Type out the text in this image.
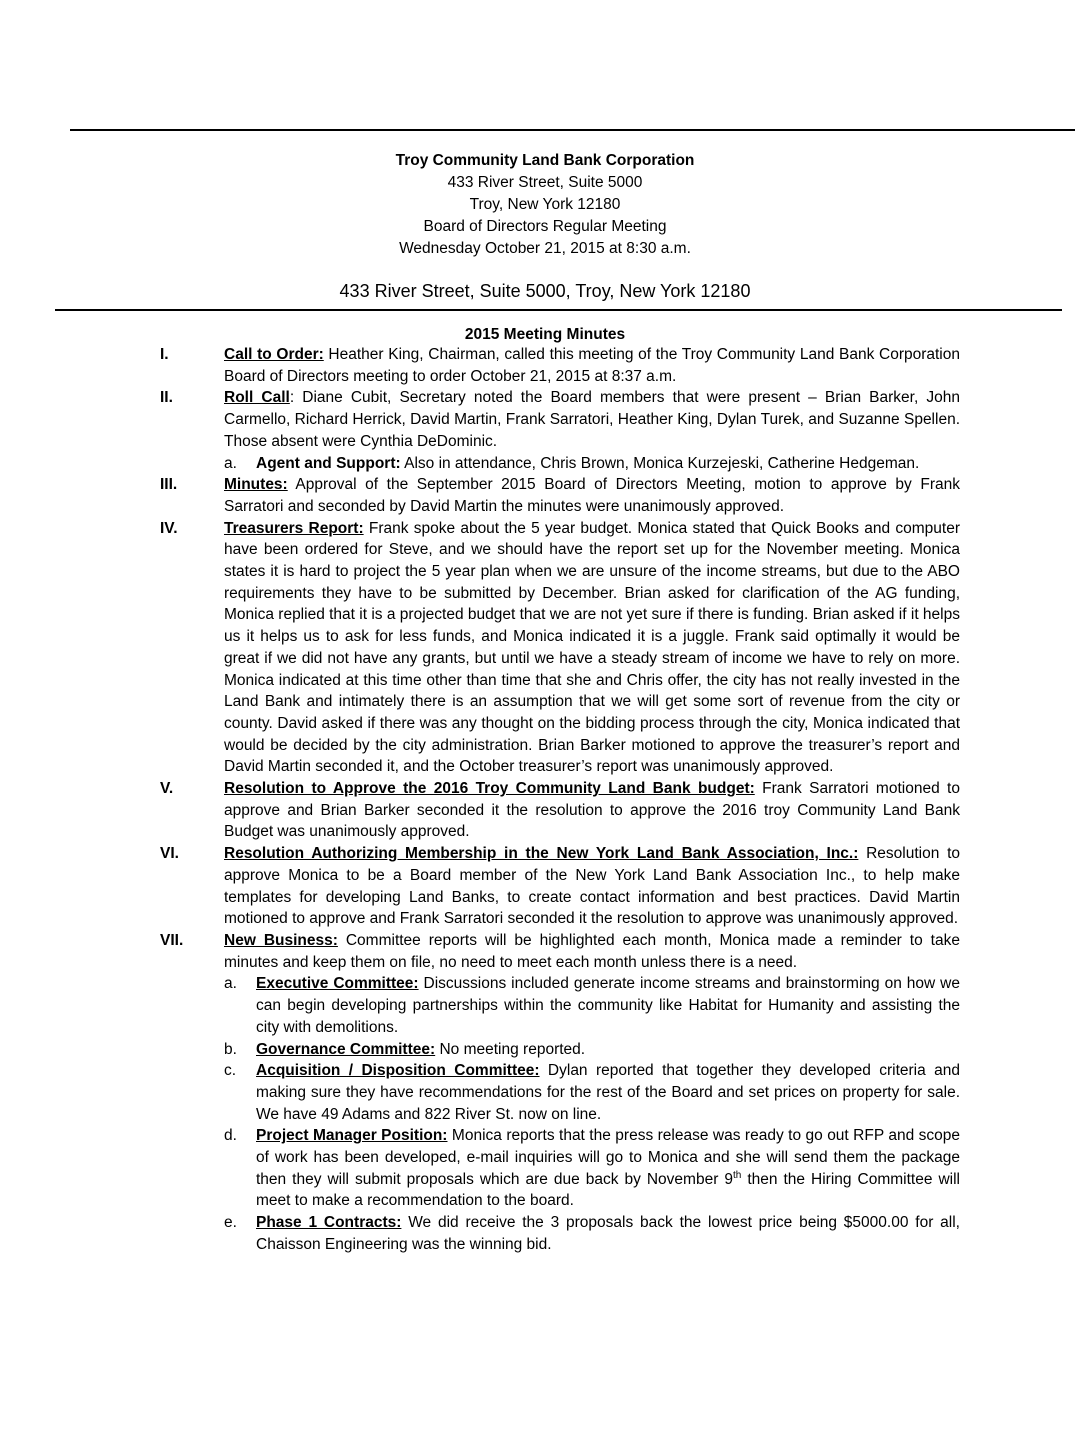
Troy Community Land Bank Corporation
433 River Street, Suite 5000
Troy, New York 12180
Board of Directors Regular Meeting
Wednesday October 21, 2015 at 8:30 a.m.
433 River Street, Suite 5000, Troy, New York 12180
2015 Meeting Minutes
I.	Call to Order: Heather King, Chairman, called this meeting of the Troy Community Land Bank Corporation Board of Directors meeting to order October 21, 2015 at 8:37 a.m.
II.	Roll Call: Diane Cubit, Secretary noted the Board members that were present – Brian Barker, John Carmello, Richard Herrick, David Martin, Frank Sarratori, Heather King, Dylan Turek, and Suzanne Spellen. Those absent were Cynthia DeDominic.
a. Agent and Support: Also in attendance, Chris Brown, Monica Kurzejeski, Catherine Hedgeman.
III.	Minutes: Approval of the September 2015 Board of Directors Meeting, motion to approve by Frank Sarratori and seconded by David Martin the minutes were unanimously approved.
IV.	Treasurers Report: Frank spoke about the 5 year budget. Monica stated that Quick Books and computer have been ordered for Steve, and we should have the report set up for the November meeting. Monica states it is hard to project the 5 year plan when we are unsure of the income streams, but due to the ABO requirements they have to be submitted by December. Brian asked for clarification of the AG funding, Monica replied that it is a projected budget that we are not yet sure if there is funding. Brian asked if it helps us it helps us to ask for less funds, and Monica indicated it is a juggle. Frank said optimally it would be great if we did not have any grants, but until we have a steady stream of income we have to rely on more. Monica indicated at this time other than time that she and Chris offer, the city has not really invested in the Land Bank and intimately there is an assumption that we will get some sort of revenue from the city or county. David asked if there was any thought on the bidding process through the city, Monica indicated that would be decided by the city administration. Brian Barker motioned to approve the treasurer’s report and David Martin seconded it, and the October treasurer’s report was unanimously approved.
V.	Resolution to Approve the 2016 Troy Community Land Bank budget: Frank Sarratori motioned to approve and Brian Barker seconded it the resolution to approve the 2016 troy Community Land Bank Budget was unanimously approved.
VI.	Resolution Authorizing Membership in the New York Land Bank Association, Inc.: Resolution to approve Monica to be a Board member of the New York Land Bank Association Inc., to help make templates for developing Land Banks, to create contact information and best practices. David Martin motioned to approve and Frank Sarratori seconded it the resolution to approve was unanimously approved.
VII.	New Business: Committee reports will be highlighted each month, Monica made a reminder to take minutes and keep them on file, no need to meet each month unless there is a need.
a. Executive Committee: Discussions included generate income streams and brainstorming on how we can begin developing partnerships within the community like Habitat for Humanity and assisting the city with demolitions.
b. Governance Committee: No meeting reported.
c. Acquisition / Disposition Committee: Dylan reported that together they developed criteria and making sure they have recommendations for the rest of the Board and set prices on property for sale. We have 49 Adams and 822 River St. now on line.
d. Project Manager Position: Monica reports that the press release was ready to go out RFP and scope of work has been developed, e-mail inquiries will go to Monica and she will send them the package then they will submit proposals which are due back by November 9th then the Hiring Committee will meet to make a recommendation to the board.
e. Phase 1 Contracts: We did receive the 3 proposals back the lowest price being $5000.00 for all, Chaisson Engineering was the winning bid.
